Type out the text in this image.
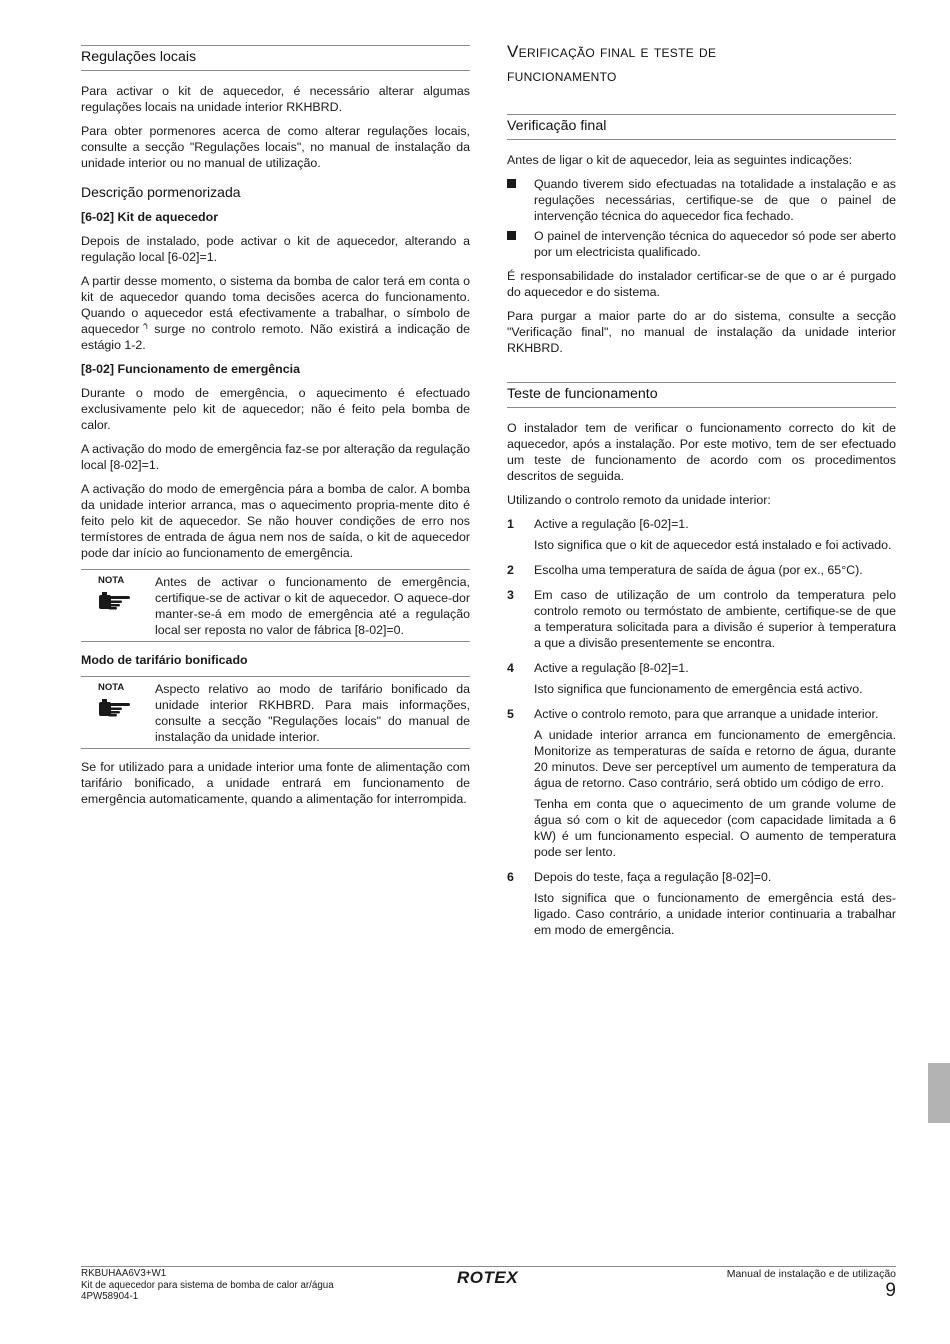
Regulações locais

Para activar o kit de aquecedor, é necessário alterar algumas regulações locais na unidade interior RKHBRD.

Para obter pormenores acerca de como alterar regulações locais, consulte a secção "Regulações locais", no manual de instalação da unidade interior ou no manual de utilização.

Descrição pormenorizada
[6-02] Kit de aquecedor

Depois de instalado, pode activar o kit de aquecedor, alterando a regulação local [6-02]=1.

A partir desse momento, o sistema da bomba de calor terá em conta o kit de aquecedor quando toma decisões acerca do funcionamento. Quando o aquecedor está efectivamente a trabalhar, o símbolo de aquecedor ⁱ̂ surge no controlo remoto. Não existirá a indicação de estágio 1-2.

[8-02] Funcionamento de emergência

Durante o modo de emergência, o aquecimento é efectuado exclusivamente pelo kit de aquecedor; não é feito pela bomba de calor.

A activação do modo de emergência faz-se por alteração da regulação local [8-02]=1.

A activação do modo de emergência pára a bomba de calor. A bomba da unidade interior arranca, mas o aquecimento propria-mente dito é feito pelo kit de aquecedor. Se não houver condições de erro nos termístores de entrada de água nem nos de saída, o kit de aquecedor pode dar início ao funcionamento de emergência.

NOTA	Antes de activar o funcionamento de emergência, certifique-se de activar o kit de aquecedor. O aquece-dor manter-se-á em modo de emergência até a regulação local ser reposta no valor de fábrica [8-02]=0.
Modo de tarifário bonificado
NOTA	Aspecto relativo ao modo de tarifário bonificado da unidade interior RKHBRD. Para mais informações, consulte a secção "Regulações locais" do manual de instalação da unidade interior.

Se for utilizado para a unidade interior uma fonte de alimentação com tarifário bonificado, a unidade entrará em funcionamento de emergência automaticamente, quando a alimentação for interrompida.

Verificação final e teste de
funcionamento
Verificação final

Antes de ligar o kit de aquecedor, leia as seguintes indicações:

Quando tiverem sido efectuadas na totalidade a instalação e as regulações necessárias, certifique-se de que o painel de intervenção técnica do aquecedor fica fechado.
O painel de intervenção técnica do aquecedor só pode ser aberto por um electricista qualificado.

É responsabilidade do instalador certificar-se de que o ar é purgado do aquecedor e do sistema.

Para purgar a maior parte do ar do sistema, consulte a secção "Verificação final", no manual de instalação da unidade interior RKHBRD.

Teste de funcionamento

O instalador tem de verificar o funcionamento correcto do kit de aquecedor, após a instalação. Por este motivo, tem de ser efectuado um teste de funcionamento de acordo com os procedimentos descritos de seguida.

Utilizando o controlo remoto da unidade interior:

1	Active a regulação [6-02]=1.

Isto significa que o kit de aquecedor está instalado e foi activado.

2	Escolha uma temperatura de saída de água (por ex., 65°C).

3	Em caso de utilização de um controlo da temperatura pelo controlo remoto ou termóstato de ambiente, certifique-se de que a temperatura solicitada para a divisão é superior à temperatura a que a divisão presentemente se encontra.

4	Active a regulação [8-02]=1.

Isto significa que funcionamento de emergência está activo.

5	Active o controlo remoto, para que arranque a unidade interior.

A unidade interior arranca em funcionamento de emergência. Monitorize as temperaturas de saída e retorno de água, durante 20 minutos. Deve ser perceptível um aumento de temperatura da água de retorno. Caso contrário, será obtido um código de erro.

Tenha em conta que o aquecimento de um grande volume de água só com o kit de aquecedor (com capacidade limitada a 6 kW) é um funcionamento especial. O aumento de temperatura pode ser lento.

6	Depois do teste, faça a regulação [8-02]=0.

Isto significa que o funcionamento de emergência está des-ligado. Caso contrário, a unidade interior continuaria a trabalhar em modo de emergência.

RKBUHAA6V3+W1
Kit de aquecedor para sistema de bomba de calor ar/água
4PW58904-1
ROTEX	Manual de instalação e de utilização
9
